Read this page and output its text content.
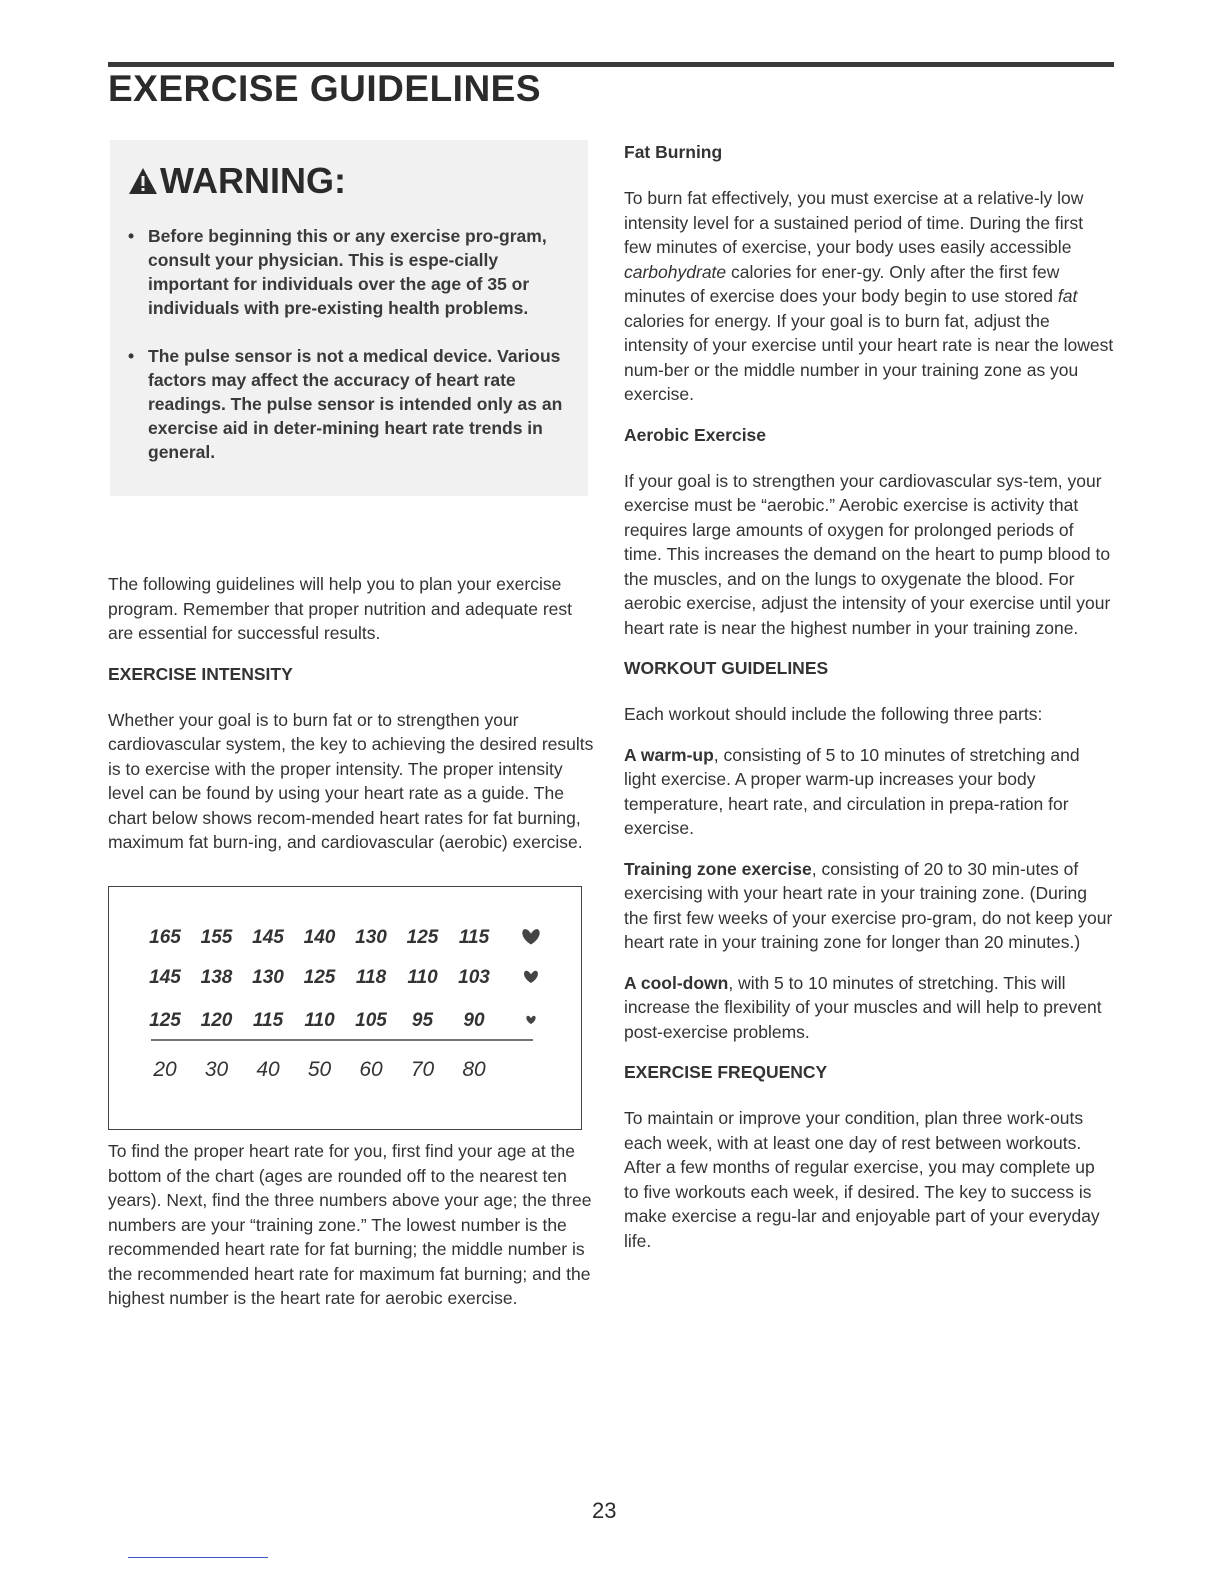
EXERCISE GUIDELINES
WARNING:
• Before beginning this or any exercise pro-gram, consult your physician. This is espe-cially important for individuals over the age of 35 or individuals with pre-existing health problems.
• The pulse sensor is not a medical device. Various factors may affect the accuracy of heart rate readings. The pulse sensor is intended only as an exercise aid in deter-mining heart rate trends in general.

The following guidelines will help you to plan your exercise program. Remember that proper nutrition and adequate rest are essential for successful results.

EXERCISE INTENSITY

Whether your goal is to burn fat or to strengthen your cardiovascular system, the key to achieving the desired results is to exercise with the proper intensity. The proper intensity level can be found by using your heart rate as a guide. The chart below shows recom-mended heart rates for fat burning, maximum fat burn-ing, and cardiovascular (aerobic) exercise.

165 155 145 140 130 125 115
145 138 130 125 118 110 103
125 120 115 110 105 95 90
20 30 40 50 60 70 80

To find the proper heart rate for you, first find your age at the bottom of the chart (ages are rounded off to the nearest ten years). Next, find the three numbers above your age; the three numbers are your “training zone.” The lowest number is the recommended heart rate for fat burning; the middle number is the recommended heart rate for maximum fat burning; and the highest number is the heart rate for aerobic exercise.

Fat Burning

To burn fat effectively, you must exercise at a relative-ly low intensity level for a sustained period of time. During the first few minutes of exercise, your body uses easily accessible carbohydrate calories for ener-gy. Only after the first few minutes of exercise does your body begin to use stored fat calories for energy. If your goal is to burn fat, adjust the intensity of your exercise until your heart rate is near the lowest num-ber or the middle number in your training zone as you exercise.

Aerobic Exercise

If your goal is to strengthen your cardiovascular sys-tem, your exercise must be “aerobic.” Aerobic exercise is activity that requires large amounts of oxygen for prolonged periods of time. This increases the demand on the heart to pump blood to the muscles, and on the lungs to oxygenate the blood. For aerobic exercise, adjust the intensity of your exercise until your heart rate is near the highest number in your training zone.

WORKOUT GUIDELINES

Each workout should include the following three parts:

A warm-up, consisting of 5 to 10 minutes of stretching and light exercise. A proper warm-up increases your body temperature, heart rate, and circulation in prepa-ration for exercise.

Training zone exercise, consisting of 20 to 30 min-utes of exercising with your heart rate in your training zone. (During the first few weeks of your exercise pro-gram, do not keep your heart rate in your training zone for longer than 20 minutes.)

A cool-down, with 5 to 10 minutes of stretching. This will increase the flexibility of your muscles and will help to prevent post-exercise problems.

EXERCISE FREQUENCY

To maintain or improve your condition, plan three work-outs each week, with at least one day of rest between workouts. After a few months of regular exercise, you may complete up to five workouts each week, if desired. The key to success is make exercise a regu-lar and enjoyable part of your everyday life.

23
